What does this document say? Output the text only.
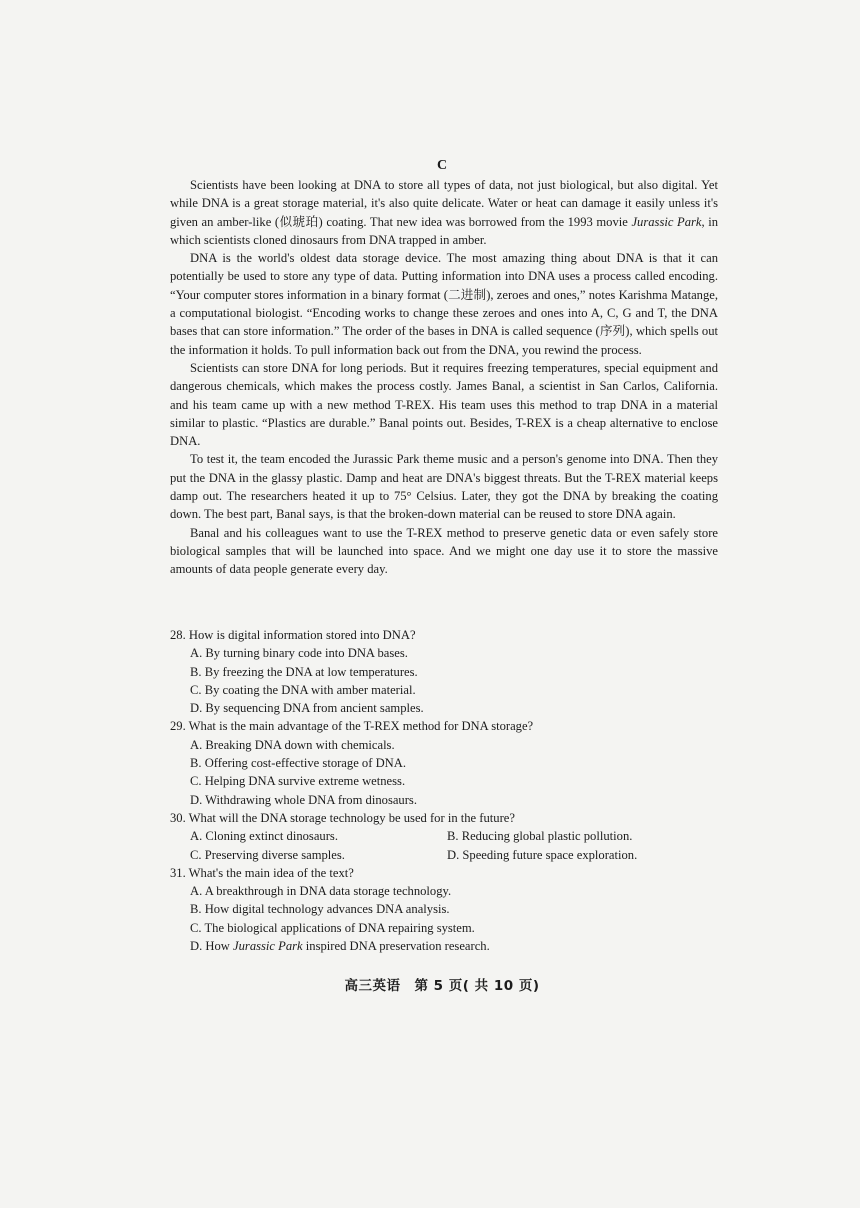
C

Scientists have been looking at DNA to store all types of data, not just biological, but also digital. Yet while DNA is a great storage material, it's also quite delicate. Water or heat can damage it easily unless it's given an amber-like (似琥珀) coating. That new idea was borrowed from the 1993 movie Jurassic Park, in which scientists cloned dinosaurs from DNA trapped in amber.

DNA is the world's oldest data storage device. The most amazing thing about DNA is that it can potentially be used to store any type of data. Putting information into DNA uses a process called encoding. “Your computer stores information in a binary format (二进制), zeroes and ones,” notes Karishma Matange, a computational biologist. “Encoding works to change these zeroes and ones into A, C, G and T, the DNA bases that can store information.” The order of the bases in DNA is called sequence (序列), which spells out the information it holds. To pull information back out from the DNA, you rewind the process.

Scientists can store DNA for long periods. But it requires freezing temperatures, special equipment and dangerous chemicals, which makes the process costly. James Banal, a scientist in San Carlos, California. and his team came up with a new method T-REX. His team uses this method to trap DNA in a material similar to plastic. “Plastics are durable.” Banal points out. Besides, T-REX is a cheap alternative to enclose DNA.

To test it, the team encoded the Jurassic Park theme music and a person's genome into DNA. Then they put the DNA in the glassy plastic. Damp and heat are DNA's biggest threats. But the T-REX material keeps damp out. The researchers heated it up to 75° Celsius. Later, they got the DNA by breaking the coating down. The best part, Banal says, is that the broken-down material can be reused to store DNA again.

Banal and his colleagues want to use the T-REX method to preserve genetic data or even safely store biological samples that will be launched into space. And we might one day use it to store the massive amounts of data people generate every day.

28. How is digital information stored into DNA?

A. By turning binary code into DNA bases.

B. By freezing the DNA at low temperatures.

C. By coating the DNA with amber material.

D. By sequencing DNA from ancient samples.

29. What is the main advantage of the T-REX method for DNA storage?

A. Breaking DNA down with chemicals.

B. Offering cost-effective storage of DNA.

C. Helping DNA survive extreme wetness.

D. Withdrawing whole DNA from dinosaurs.

30. What will the DNA storage technology be used for in the future?

A. Cloning extinct dinosaurs.	B. Reducing global plastic pollution.
C. Preserving diverse samples.	D. Speeding future space exploration.

31. What's the main idea of the text?

A. A breakthrough in DNA data storage technology.

B. How digital technology advances DNA analysis.

C. The biological applications of DNA repairing system.

D. How Jurassic Park inspired DNA preservation research.

高三英语　第 5 页( 共 10 页)
